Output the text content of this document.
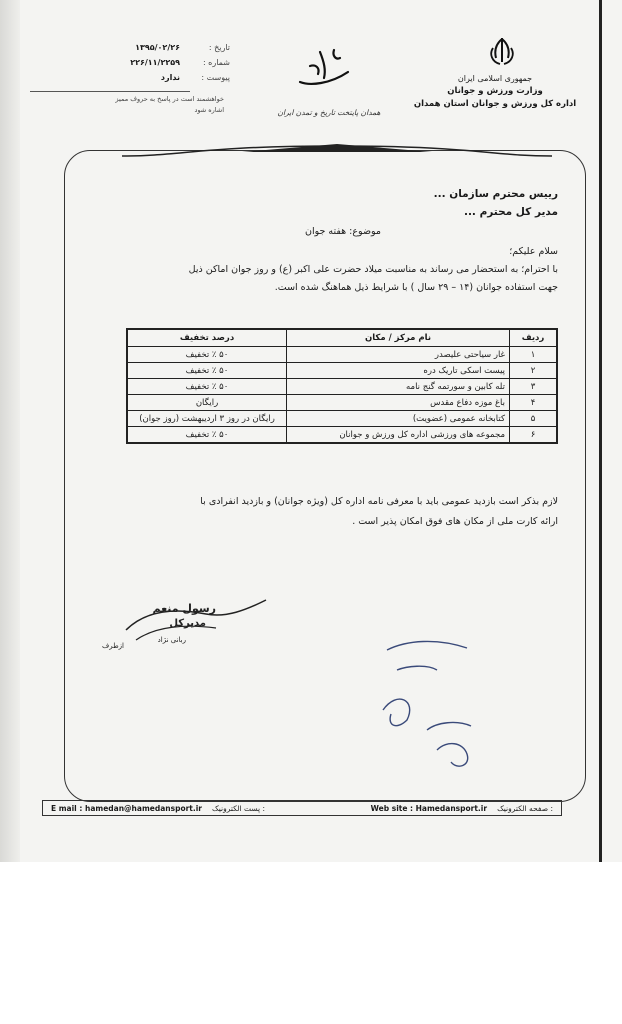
جمهوری اسلامی ایران
وزارت ورزش و جوانان
اداره کل ورزش و جوانان استان همدان
همدان پایتخت تاریخ و تمدن ایران
تاریخ :
۱۳۹۵/۰۲/۲۶
شماره :
۲۲۶/۱۱/۲۲۵۹
پیوست :
ندارد
خواهشمند است در پاسخ به حروف ممیز
اشاره شود
رییس محترم سازمان ...
مدیر کل محترم ...
موضوع: هفته جوان
سلام علیکم؛
با احترام؛ به استحضار می رساند به مناسبت میلاد حضرت علی اکبر (ع) و روز جوان اماکن ذیل
جهت استفاده جوانان (۱۴ – ۲۹ سال ) با شرایط ذیل هماهنگ شده است.
ردیف	نام مرکز / مکان	درصد تخفیف
۱	غار سیاحتی علیصدر	۵۰ ٪ تخفیف
۲	پیست اسکی تاریک دره	۵۰ ٪ تخفیف
۳	تله کابین و سورتمه گنج نامه	۵۰ ٪ تخفیف
۴	باغ موزه دفاع مقدس	رایگان
۵	کتابخانه عمومی (عضویت)	رایگان در روز ۳ اردیبهشت (روز جوان)
۶	مجموعه های ورزشی اداره کل ورزش و جوانان	۵۰ ٪ تخفیف
لازم بذکر است بازدید عمومی باید با معرفی نامه اداره کل (ویژه جوانان) و بازدید انفرادی با
ارائه کارت ملی از مکان های فوق امکان پذیر است .
رسول منعم
مدیرکل
ربانی نژاد
ازطرف
E mail : hamedan@hamedansport.ir پست الکترونیک :	Web site : Hamedansport.ir صفحه الکترونیک :
